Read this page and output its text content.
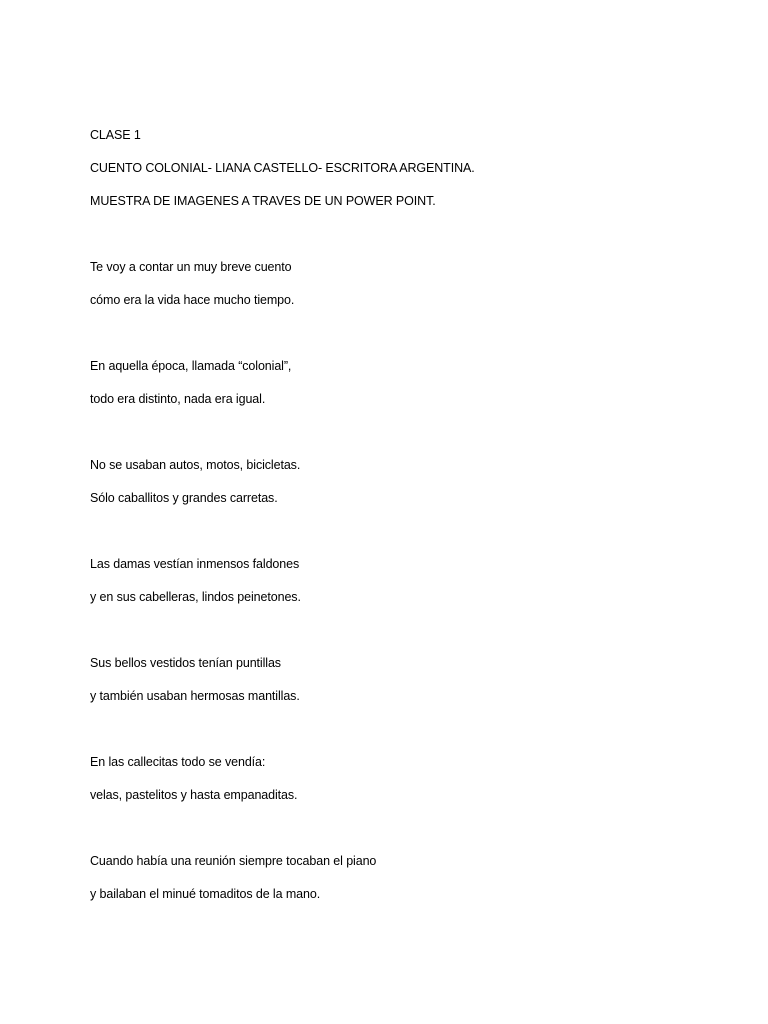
CLASE 1
CUENTO COLONIAL- LIANA CASTELLO- ESCRITORA ARGENTINA.
MUESTRA DE IMAGENES A TRAVES DE UN POWER POINT.
Te voy a contar un muy breve cuento
cómo era la vida hace mucho tiempo.
En aquella época, llamada “colonial”,
todo era distinto, nada era igual.
No se usaban autos, motos, bicicletas.
Sólo caballitos y grandes carretas.
Las damas vestían inmensos faldones
y en sus cabelleras, lindos peinetones.
Sus bellos vestidos tenían puntillas
y también usaban hermosas mantillas.
En las callecitas todo se vendía:
velas, pastelitos y hasta empanaditas.
Cuando había una reunión siempre tocaban el piano
y bailaban el minué tomaditos de la mano.
